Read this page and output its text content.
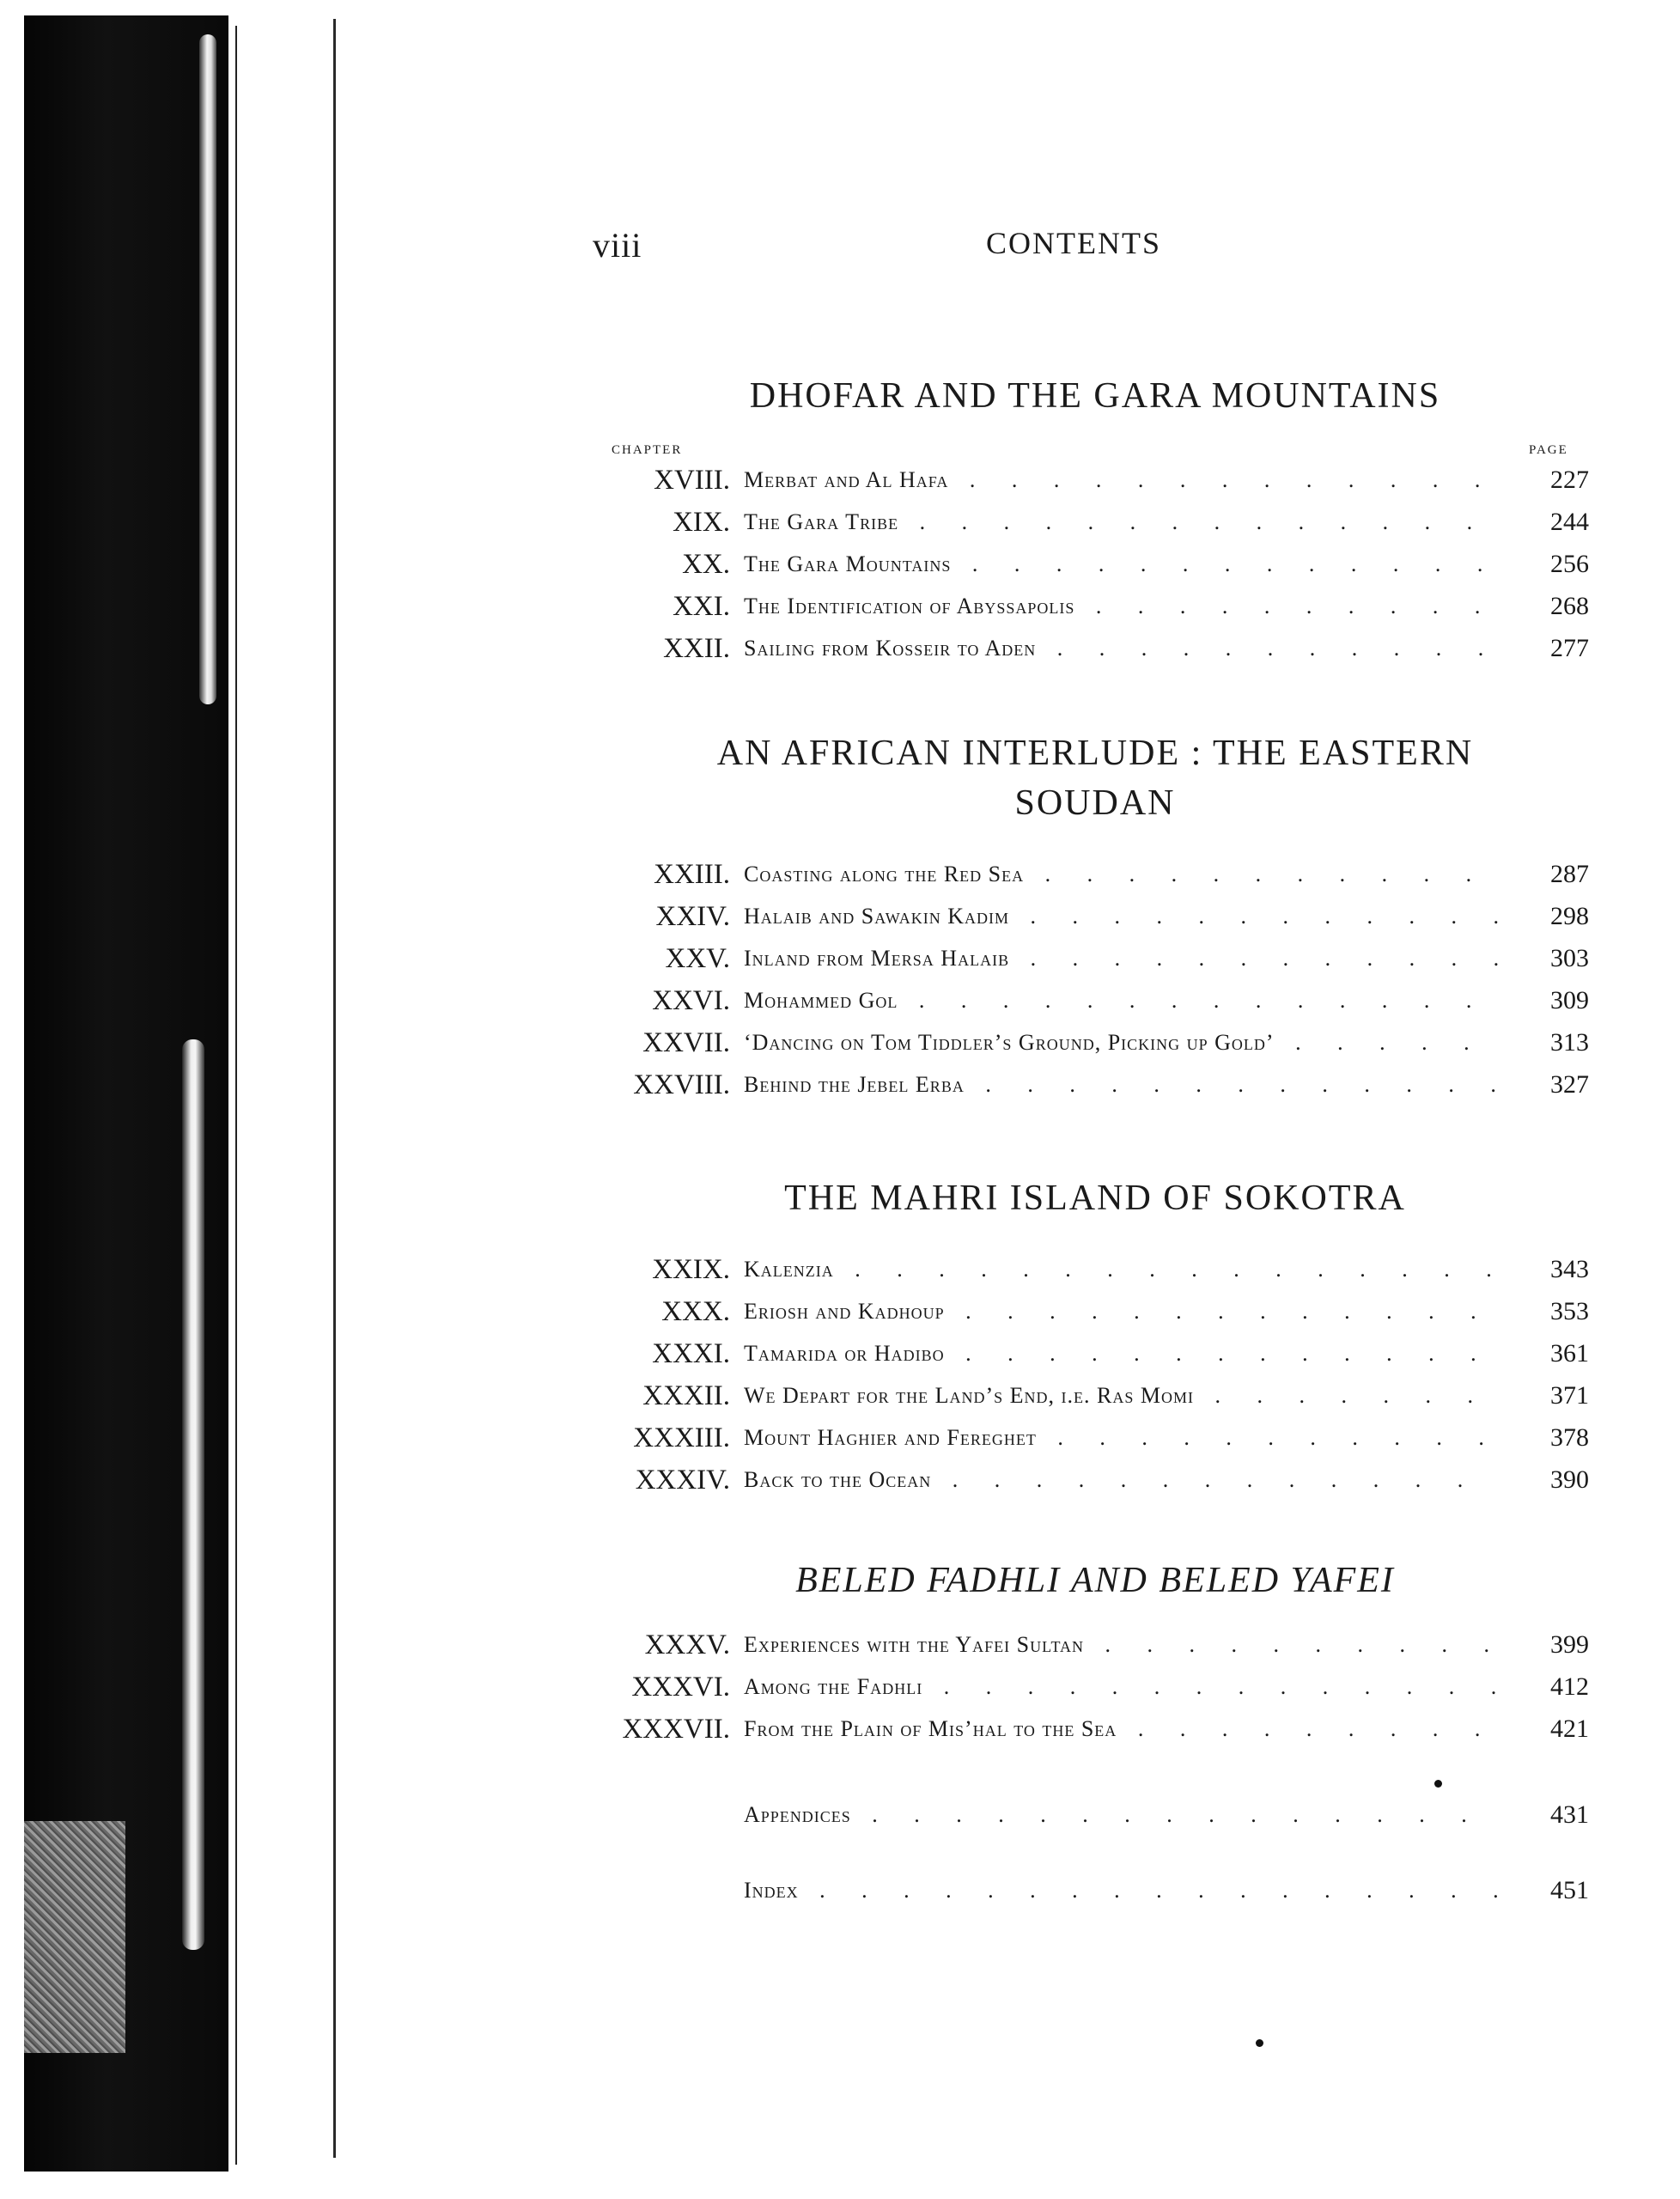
viii	CONTENTS
DHOFAR AND THE GARA MOUNTAINS
CHAPTER	PAGE
XVIII. Merbat and Al Hafa . . .	227
XIX. The Gara Tribe . . .	244
XX. The Gara Mountains . . .	256
XXI. The Identification of Abyssapolis . . .	268
XXII. Sailing from Kosseir to Aden . . .	277
AN AFRICAN INTERLUDE : THE EASTERN
SOUDAN
XXIII. Coasting along the Red Sea . . .	287
XXIV. Halaib and Sawakin Kadim . . .	298
XXV. Inland from Mersa Halaib . . .	303
XXVI. Mohammed Gol . . .	309
XXVII. ‘Dancing on Tom Tiddler’s Ground, Picking up Gold’ . . .	313
XXVIII. Behind the Jebel Erba . . .	327
THE MAHRI ISLAND OF SOKOTRA
XXIX. Kalenzia . . .	343
XXX. Eriosh and Kadhoup . . .	353
XXXI. Tamarida or Hadibo . . .	361
XXXII. We Depart for the Land’s End, i.e. Ras Momi . . .	371
XXXIII. Mount Haghier and Fereghet . . .	378
XXXIV. Back to the Ocean . . .	390
BELED FADHLI AND BELED YAFEI
XXXV. Experiences with the Yafei Sultan . . .	399
XXXVI. Among the Fadhli . . .	412
XXXVII. From the Plain of Mis’hal to the Sea . . .	421
Appendices . . .	431
Index . . .	451
